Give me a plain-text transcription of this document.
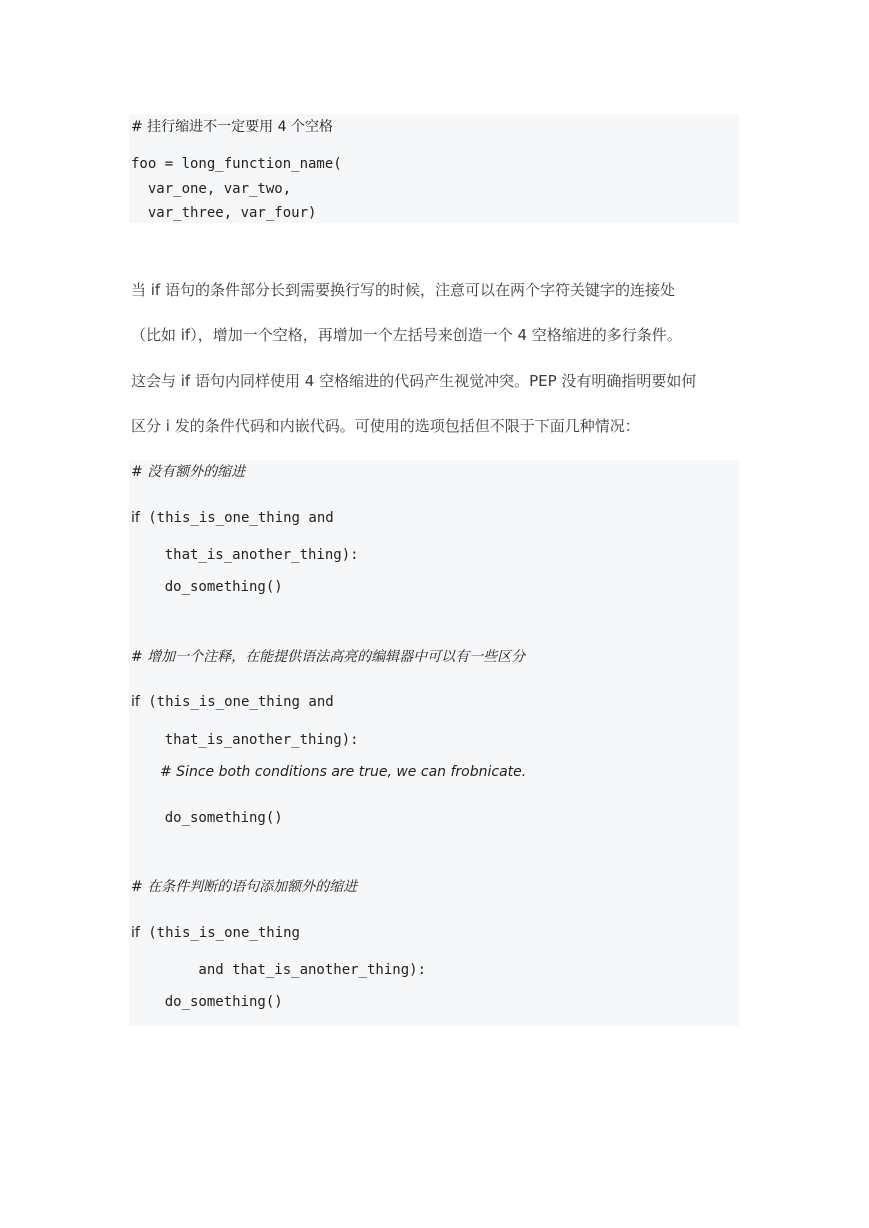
# 挂行缩进不一定要用 4 个空格
foo = long_function_name(
var_one, var_two,
var_three, var_four)
当 if 语句的条件部分长到需要换行写的时候，注意可以在两个字符关键字的连接处
（比如 if），增加一个空格，再增加一个左括号来创造一个 4 空格缩进的多行条件。
这会与 if 语句内同样使用 4 空格缩进的代码产生视觉冲突。PEP 没有明确指明要如何
区分 i 发的条件代码和内嵌代码。可使用的选项包括但不限于下面几种情况：
# 没有额外的缩进
if (this_is_one_thing and
that_is_another_thing):
do_something()
# 增加一个注释，在能提供语法高亮的编辑器中可以有一些区分
if (this_is_one_thing and
that_is_another_thing):
# Since both conditions are true, we can frobnicate.
do_something()
# 在条件判断的语句添加额外的缩进
if (this_is_one_thing
and that_is_another_thing):
do_something()
